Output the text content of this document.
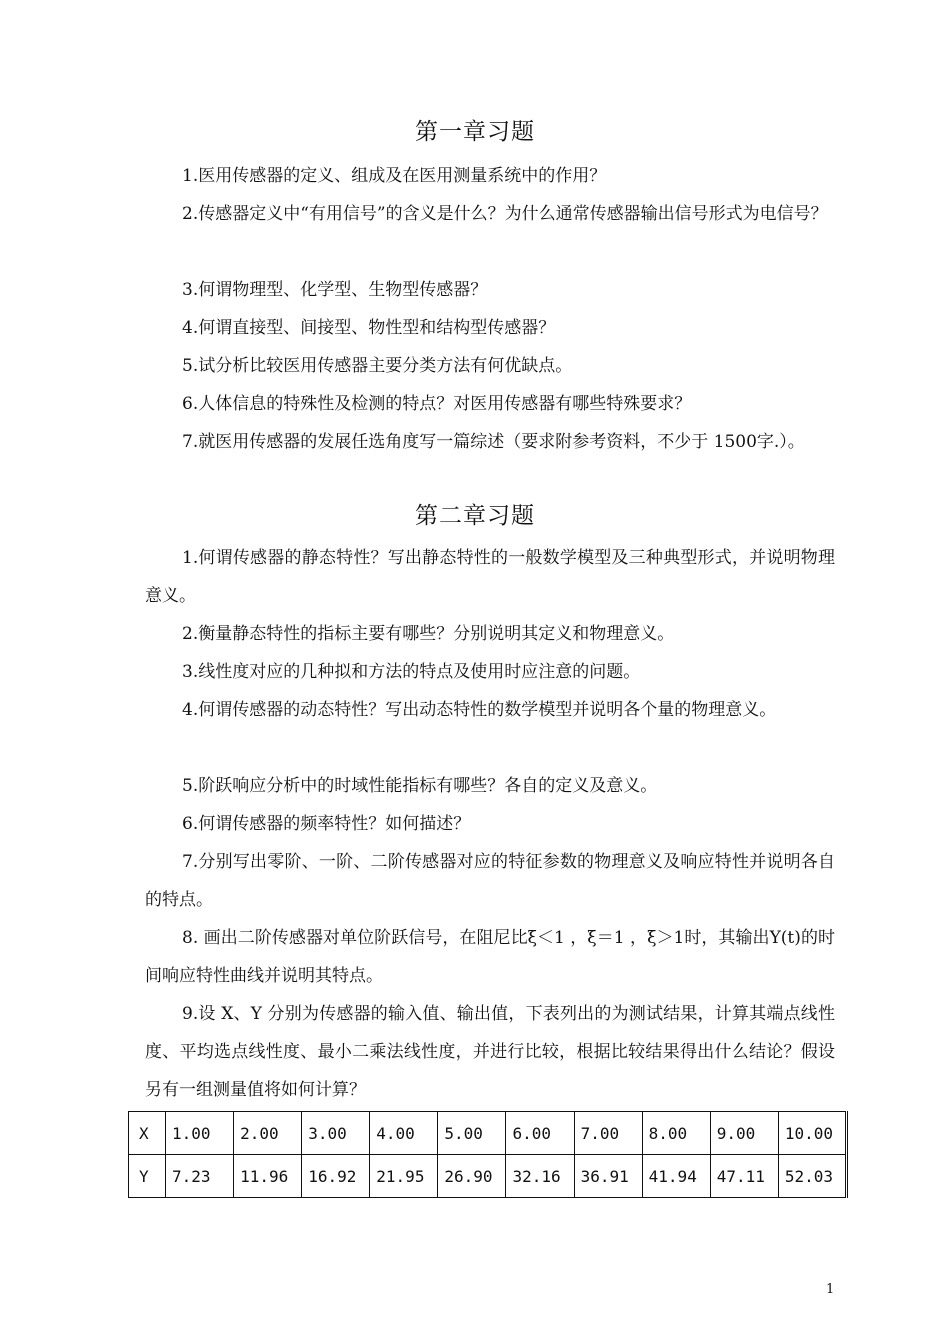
第一章习题

1.医用传感器的定义、组成及在医用测量系统中的作用？

2.传感器定义中“有用信号”的含义是什么？为什么通常传感器输出信号形式为电信号？

3.何谓物理型、化学型、生物型传感器？

4.何谓直接型、间接型、物性型和结构型传感器？

5.试分析比较医用传感器主要分类方法有何优缺点。

6.人体信息的特殊性及检测的特点？对医用传感器有哪些特殊要求？

7.就医用传感器的发展任选角度写一篇综述（要求附参考资料，不少于 1500字.）。

第二章习题

1.何谓传感器的静态特性？写出静态特性的一般数学模型及三种典型形式，并说明物理意义。

2.衡量静态特性的指标主要有哪些？分别说明其定义和物理意义。

3.线性度对应的几种拟和方法的特点及使用时应注意的问题。

4.何谓传感器的动态特性？写出动态特性的数学模型并说明各个量的物理意义。

5.阶跃响应分析中的时域性能指标有哪些？各自的定义及意义。

6.何谓传感器的频率特性？如何描述？

7.分别写出零阶、一阶、二阶传感器对应的特征参数的物理意义及响应特性并说明各自的特点。

8. 画出二阶传感器对单位阶跃信号，在阻尼比ξ＜1 ，ξ＝1 ，ξ＞1时，其输出Y(t)的时间响应特性曲线并说明其特点。

9.设 X、Y 分别为传感器的输入值、输出值，下表列出的为测试结果，计算其端点线性度、平均选点线性度、最小二乘法线性度，并进行比较，根据比较结果得出什么结论？假设另有一组测量值将如何计算？

X	1.00	2.00	3.00	4.00	5.00	6.00	7.00	8.00	9.00	10.00
Y	7.23	11.96	16.92	21.95	26.90	32.16	36.91	41.94	47.11	52.03
1
